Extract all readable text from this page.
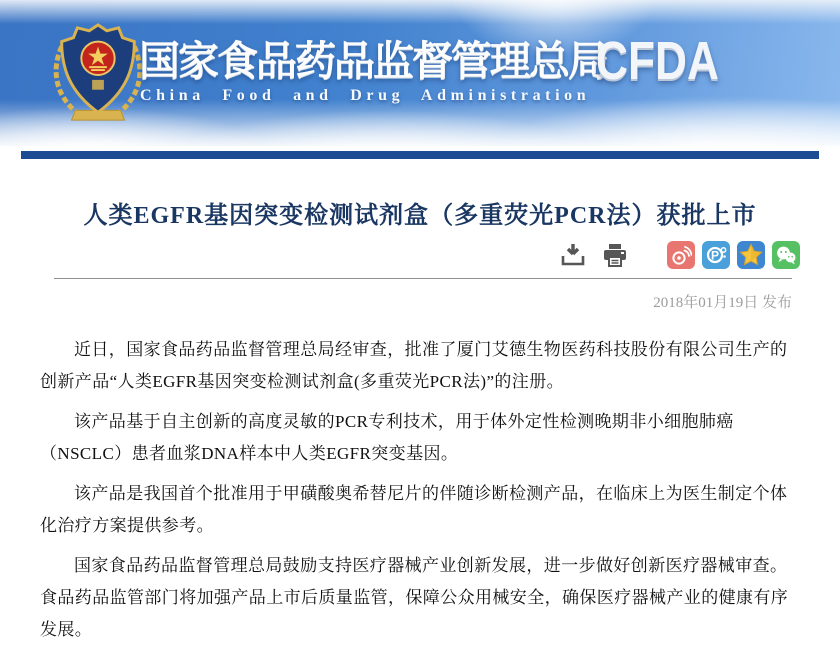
国家食品药品监督管理总局
China Food and Drug Administration
CFDA
人类EGFR基因突变检测试剂盒（多重荧光PCR法）获批上市
P
2018年01月19日 发布

近日，国家食品药品监督管理总局经审查，批准了厦门艾德生物医药科技股份有限公司生产的创新产品“人类EGFR基因突变检测试剂盒(多重荧光PCR法)”的注册。

该产品基于自主创新的高度灵敏的PCR专利技术，用于体外定性检测晚期非小细胞肺癌（NSCLC）患者血浆DNA样本中人类EGFR突变基因。

该产品是我国首个批准用于甲磺酸奥希替尼片的伴随诊断检测产品，在临床上为医生制定个体化治疗方案提供参考。

国家食品药品监督管理总局鼓励支持医疗器械产业创新发展，进一步做好创新医疗器械审查。食品药品监管部门将加强产品上市后质量监管，保障公众用械安全，确保医疗器械产业的健康有序发展。
